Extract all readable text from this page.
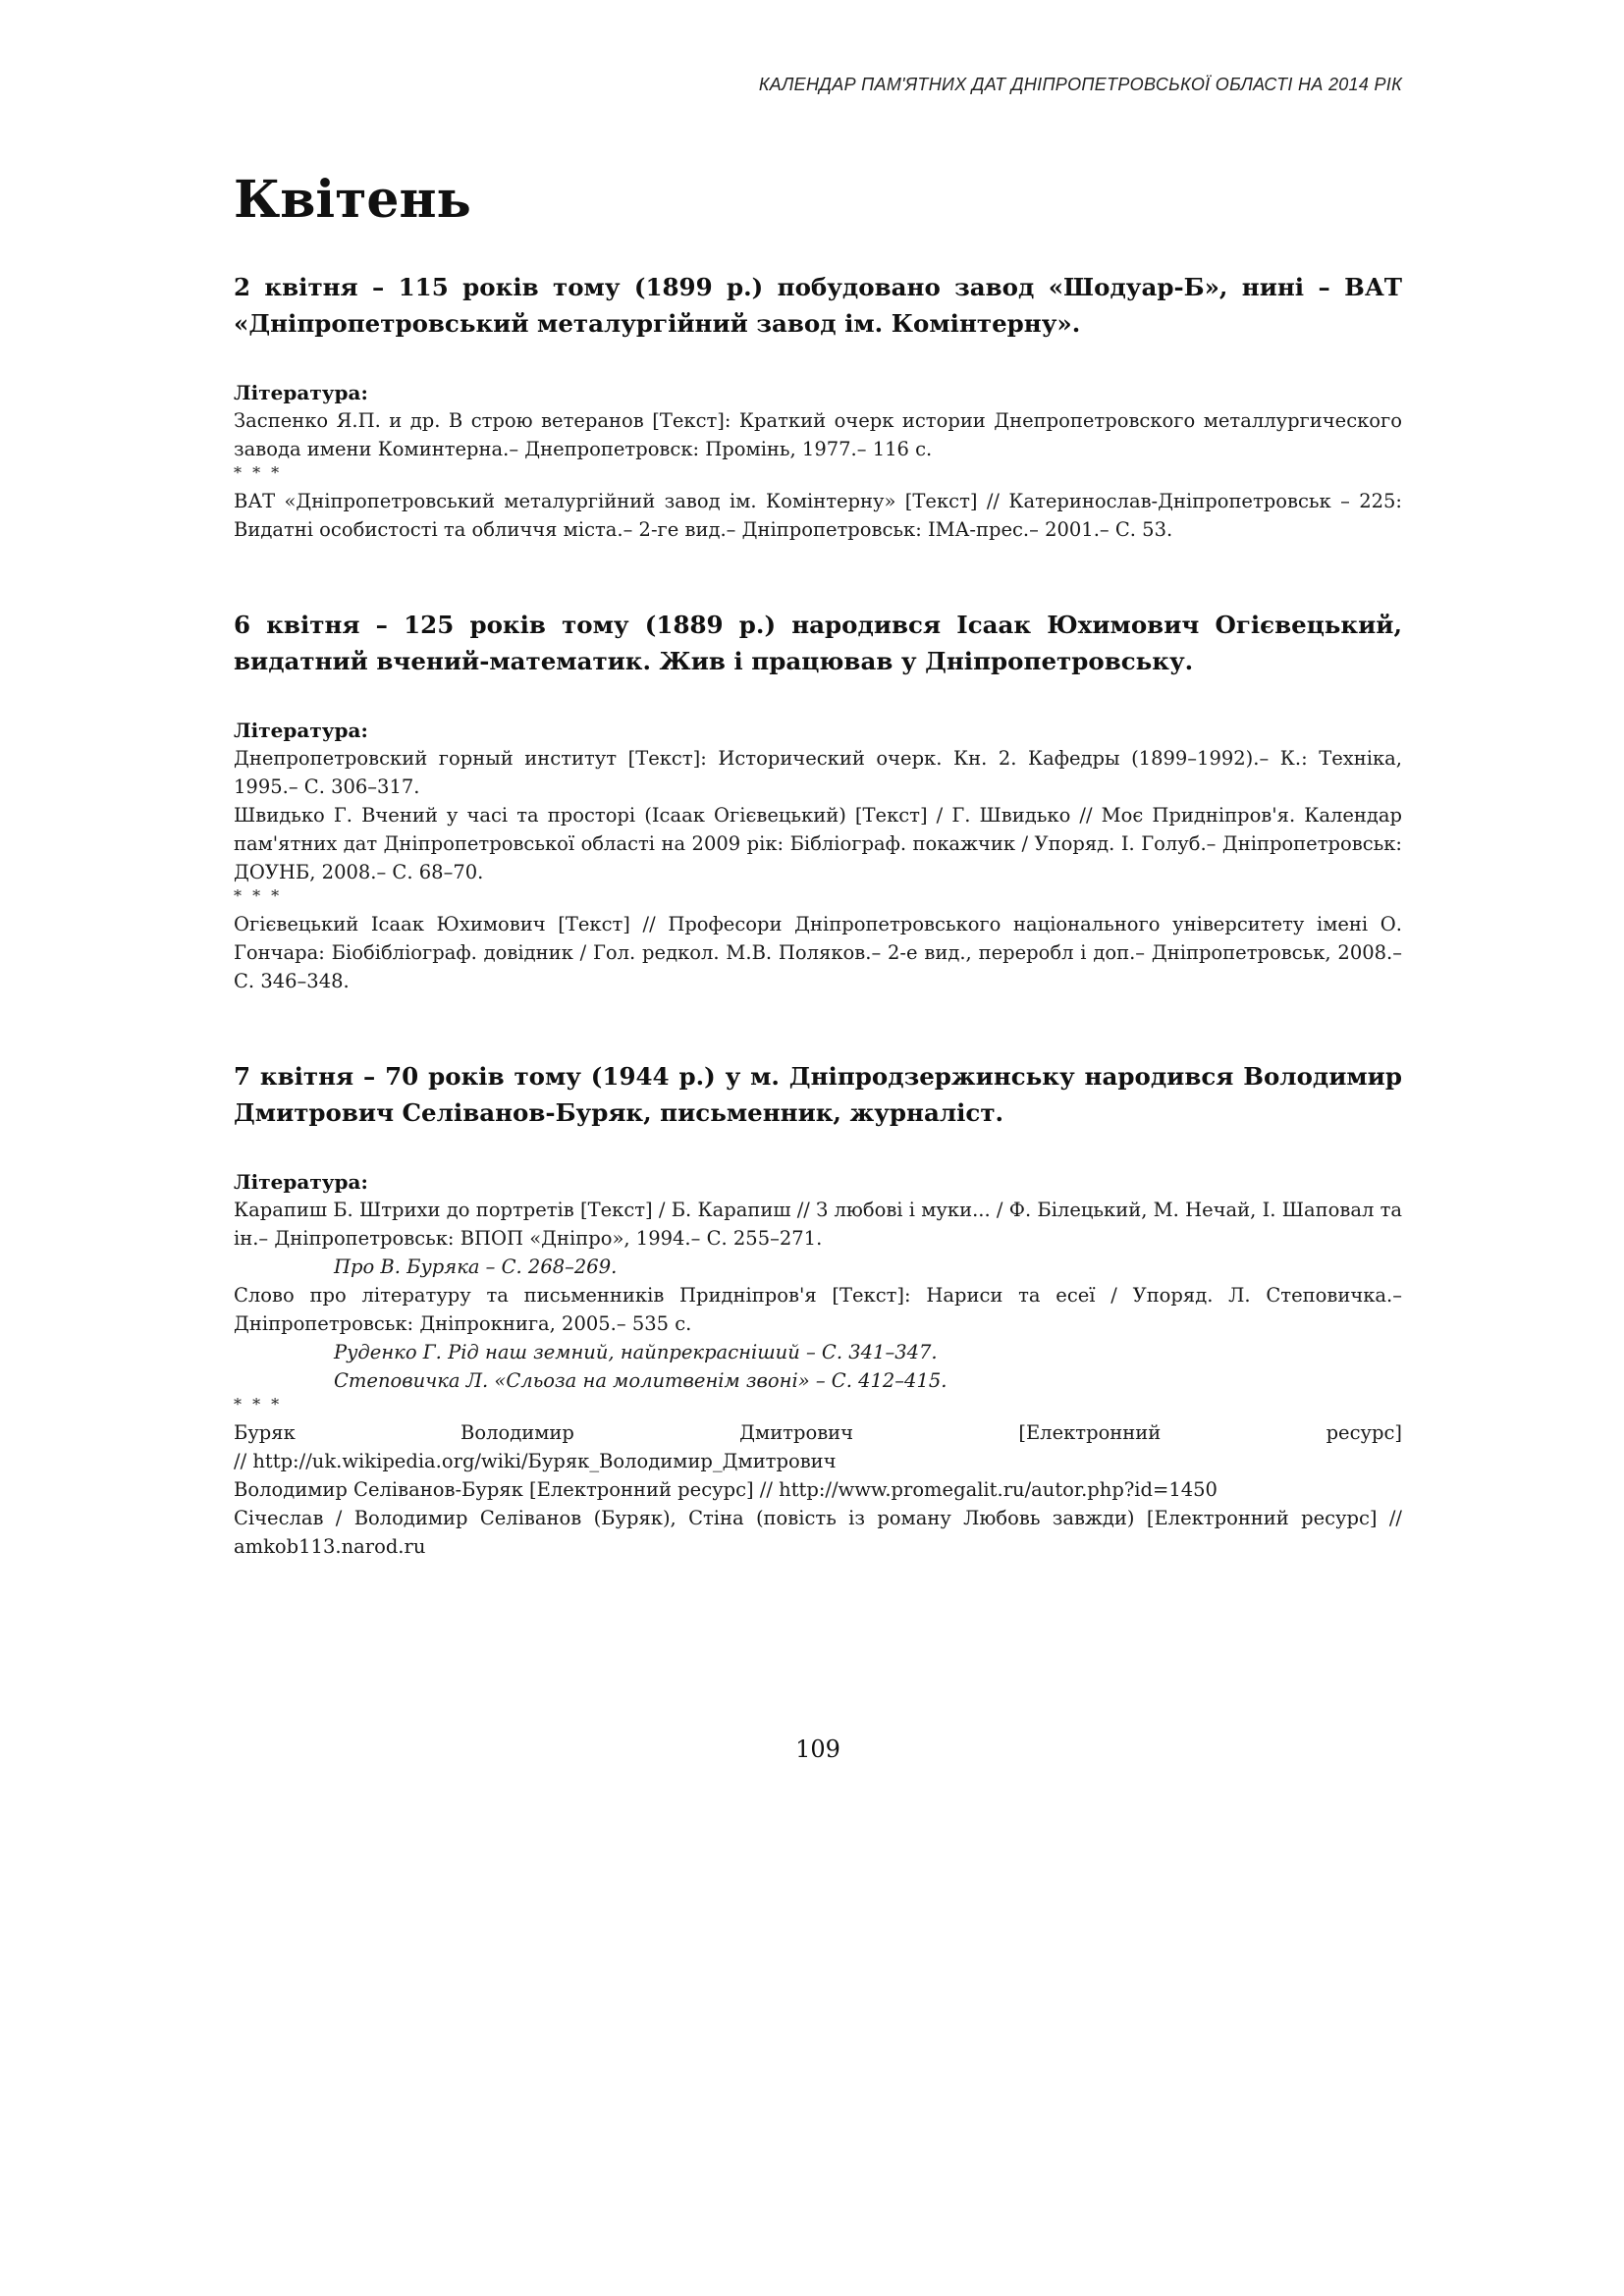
КАЛЕНДАР ПАМ'ЯТНИХ ДАТ ДНІПРОПЕТРОВСЬКОЇ ОБЛАСТІ НА 2014 РІК
Квітень

2 квітня – 115 років тому (1899 р.) побудовано завод «Шодуар-Б», нині – ВАТ «Дніпропетровський металургійний завод ім. Комінтерну».

Література:

Заспенко Я.П. и др. В строю ветеранов [Текст]: Краткий очерк истории Днепропетровского металлургического завода имени Коминтерна.– Днепропетровск: Промінь, 1977.– 116 с.

* * *

ВАТ «Дніпропетровський металургійний завод ім. Комінтерну» [Текст] // Катеринослав-Дніпропетровськ – 225: Видатні особистості та обличчя міста.– 2-ге вид.– Дніпропетровськ: ІМА-прес.– 2001.– С. 53.

6 квітня – 125 років тому (1889 р.) народився Ісаак Юхимович Огієвецький, видатний вчений-математик. Жив і працював у Дніпропетровську.

Література:

Днепропетровский горный институт [Текст]: Исторический очерк. Кн. 2. Кафедры (1899–1992).– К.: Техніка, 1995.– С. 306–317.

Швидько Г. Вчений у часі та просторі (Ісаак Огієвецький) [Текст] / Г. Швидько // Моє Придніпров'я. Календар пам'ятних дат Дніпропетровської області на 2009 рік: Бібліограф. покажчик / Упоряд. І. Голуб.– Дніпропетровськ: ДОУНБ, 2008.– С. 68–70.

* * *

Огієвецький Ісаак Юхимович [Текст] // Професори Дніпропетровського національного університету імені О. Гончара: Біобібліограф. довідник / Гол. редкол. М.В. Поляков.– 2-е вид., переробл і доп.– Дніпропетровськ, 2008.– С. 346–348.

7 квітня – 70 років тому (1944 р.) у м. Дніпродзержинську народився Володимир Дмитрович Селіванов-Буряк, письменник, журналіст.

Література:

Карапиш Б. Штрихи до портретів [Текст] / Б. Карапиш // З любові і муки... / Ф. Білецький, М. Нечай, І. Шаповал та ін.– Дніпропетровськ: ВПОП «Дніпро», 1994.– С. 255–271.

Про В. Буряка – С. 268–269.

Слово про літературу та письменників Придніпров'я [Текст]: Нариси та есеї / Упоряд. Л. Степовичка.– Дніпропетровськ: Дніпрокнига, 2005.– 535 с.

Руденко Г. Рід наш земний, найпрекрасніший – С. 341–347.

Степовичка Л. «Сльоза на молитвенім звоні» – С. 412–415.

* * *

Буряк Володимир Дмитрович [Електронний ресурс]

// http://uk.wikipedia.org/wiki/Буряк_Володимир_Дмитрович

Володимир Селіванов-Буряк [Електронний ресурс] // http://www.promegalit.ru/autor.php?id=1450

Січеслав / Володимир Селіванов (Буряк), Стіна (повість із роману Любовь завжди) [Електронний ресурс] // amkob113.narod.ru

109
